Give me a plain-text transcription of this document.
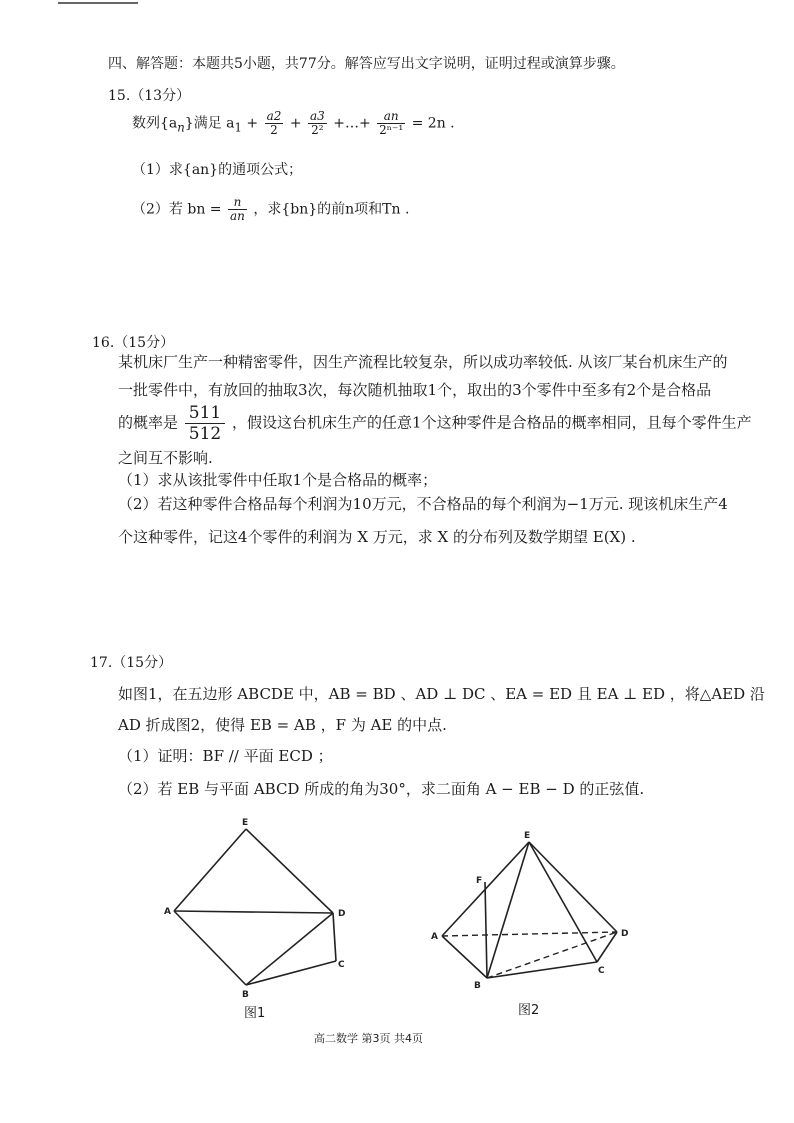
四、解答题：本题共5小题，共77分。解答应写出文字说明，证明过程或演算步骤。
15.（13分）
数列$\{a_n\}$满足 $a_1 + \frac{a2}{2} + \frac{a3}{\text{2²}}$ +…+ $\frac{an}{\text{2ⁿ⁻¹}} = 2n$ .
（1）求{an}的通项公式；
（2）若 bn = $\frac{n}{an}$ ，求{bn}的前n项和Tn .
16.（15分）
某机床厂生产一种精密零件，因生产流程比较复杂，所以成功率较低. 从该厂某台机床生产的
一批零件中，有放回的抽取3次，每次随机抽取1个，取出的3个零件中至多有2个是合格品
的概率是 $\frac{511}{512}$ ，假设这台机床生产的任意1个这种零件是合格品的概率相同，且每个零件生产
之间互不影响.
（1）求从该批零件中任取1个是合格品的概率；
（2）若这种零件合格品每个利润为10万元，不合格品的每个利润为−1万元. 现该机床生产4
个这种零件，记这4个零件的利润为 X 万元，求 X 的分布列及数学期望 E(X) .
17.（15分）
如图1，在五边形 ABCDE 中，AB = BD 、AD ⊥ DC 、EA = ED 且 EA ⊥ ED ，将△AED 沿
AD 折成图2，使得 EB = AB ，F 为 AE 的中点.
（1）证明：BF // 平面 ECD ；
（2）若 EB 与平面 ABCD 所成的角为30°，求二面角 A − EB − D 的正弦值.
E
A	D
C
B
图1
E
F
A	D
C
B
图2
高二数学 第3页 共4页
